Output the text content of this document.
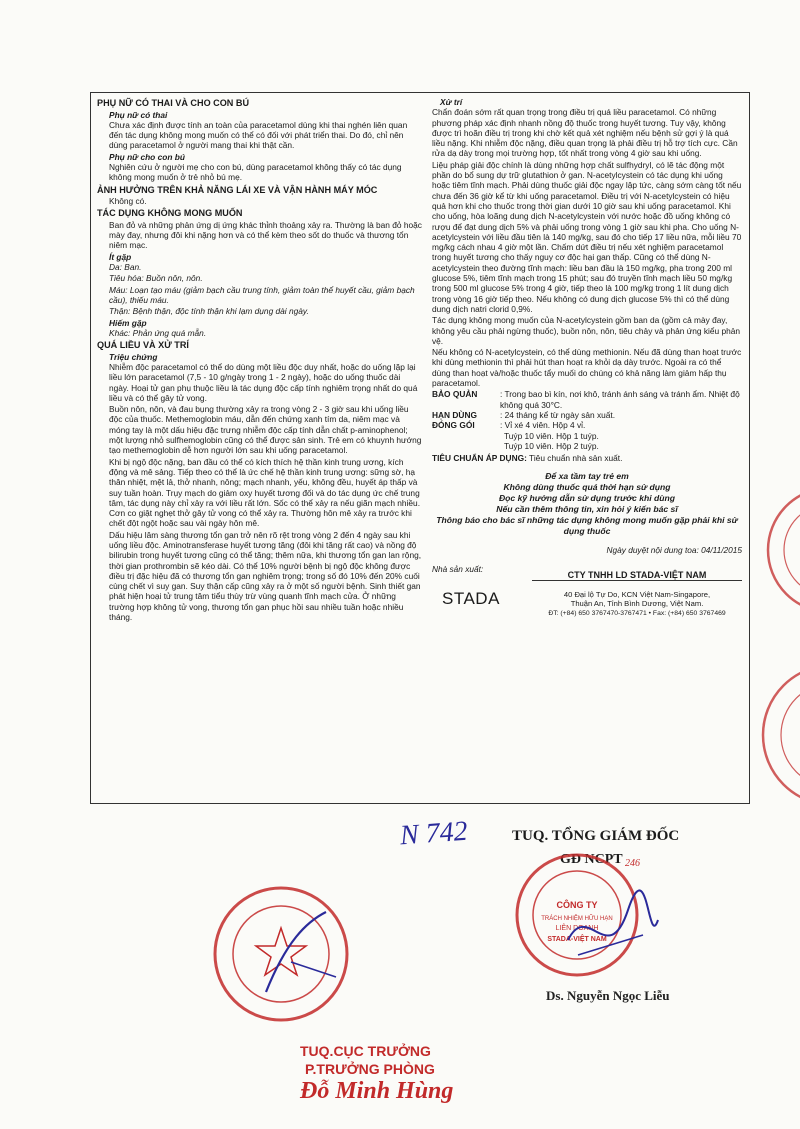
PHỤ NỮ CÓ THAI VÀ CHO CON BÚ
Phụ nữ có thai

Chưa xác định được tính an toàn của paracetamol dùng khi thai nghén liên quan đến tác dụng không mong muốn có thể có đối với phát triển thai. Do đó, chỉ nên dùng paracetamol ở người mang thai khi thật cần.

Phụ nữ cho con bú

Nghiên cứu ở người mẹ cho con bú, dùng paracetamol không thấy có tác dụng không mong muốn ở trẻ nhỏ bú mẹ.

ẢNH HƯỞNG TRÊN KHẢ NĂNG LÁI XE VÀ VẬN HÀNH MÁY MÓC

Không có.

TÁC DỤNG KHÔNG MONG MUỐN

Ban đỏ và những phản ứng dị ứng khác thỉnh thoảng xảy ra. Thường là ban đỏ hoặc mày đay, nhưng đôi khi nặng hơn và có thể kèm theo sốt do thuốc và thương tổn niêm mạc.

Ít gặp

Da: Ban.

Tiêu hóa: Buồn nôn, nôn.

Máu: Loạn tạo máu (giảm bạch cầu trung tính, giảm toàn thể huyết cầu, giảm bạch cầu), thiếu máu.

Thận: Bệnh thận, độc tính thận khi lạm dụng dài ngày.

Hiếm gặp

Khác: Phản ứng quá mẫn.

QUÁ LIỀU VÀ XỬ TRÍ
Triệu chứng

Nhiễm độc paracetamol có thể do dùng một liều độc duy nhất, hoặc do uống lặp lại liều lớn paracetamol (7,5 - 10 g/ngày trong 1 - 2 ngày), hoặc do uống thuốc dài ngày. Hoại tử gan phụ thuộc liều là tác dụng độc cấp tính nghiêm trọng nhất do quá liều và có thể gây tử vong.

Buồn nôn, nôn, và đau bụng thường xảy ra trong vòng 2 - 3 giờ sau khi uống liều độc của thuốc. Methemoglobin máu, dẫn đến chứng xanh tím da, niêm mạc và móng tay là một dấu hiệu đặc trưng nhiễm độc cấp tính dẫn chất p-aminophenol; một lượng nhỏ sulfhemoglobin cũng có thể được sản sinh. Trẻ em có khuynh hướng tạo methemoglobin dễ hơn người lớn sau khi uống paracetamol.

Khi bị ngộ độc nặng, ban đầu có thể có kích thích hệ thần kinh trung ương, kích động và mê sảng. Tiếp theo có thể là ức chế hệ thần kinh trung ương: sững sờ, hạ thân nhiệt, mệt lả, thở nhanh, nông; mạch nhanh, yếu, không đều, huyết áp thấp và suy tuần hoàn. Trụy mạch do giảm oxy huyết tương đối và do tác dụng ức chế trung tâm, tác dụng này chỉ xảy ra với liều rất lớn. Sốc có thể xảy ra nếu giãn mạch nhiều. Cơn co giật nghẹt thở gây tử vong có thể xảy ra. Thường hôn mê xảy ra trước khi chết đột ngột hoặc sau vài ngày hôn mê.

Dấu hiệu lâm sàng thương tổn gan trở nên rõ rệt trong vòng 2 đến 4 ngày sau khi uống liều độc. Aminotransferase huyết tương tăng (đôi khi tăng rất cao) và nồng độ bilirubin trong huyết tương cũng có thể tăng; thêm nữa, khi thương tổn gan lan rộng, thời gian prothrombin sẽ kéo dài. Có thể 10% người bệnh bị ngộ độc không được điều trị đặc hiệu đã có thương tổn gan nghiêm trọng; trong số đó 10% đến 20% cuối cùng chết vì suy gan. Suy thận cấp cũng xảy ra ở một số người bệnh. Sinh thiết gan phát hiện hoại tử trung tâm tiểu thùy trừ vùng quanh tĩnh mạch cửa. Ở những trường hợp không tử vong, thương tổn gan phục hồi sau nhiều tuần hoặc nhiều tháng.

Xử trí

Chẩn đoán sớm rất quan trọng trong điều trị quá liều paracetamol. Có những phương pháp xác định nhanh nồng độ thuốc trong huyết tương. Tuy vậy, không được trì hoãn điều trị trong khi chờ kết quả xét nghiệm nếu bệnh sử gợi ý là quá liều nặng. Khi nhiễm độc nặng, điều quan trọng là phải điều trị hỗ trợ tích cực. Cần rửa dạ dày trong mọi trường hợp, tốt nhất trong vòng 4 giờ sau khi uống.

Liệu pháp giải độc chính là dùng những hợp chất sulfhydryl, có lẽ tác động một phần do bổ sung dự trữ glutathion ở gan. N-acetylcystein có tác dụng khi uống hoặc tiêm tĩnh mạch. Phải dùng thuốc giải độc ngay lập tức, càng sớm càng tốt nếu chưa đến 36 giờ kể từ khi uống paracetamol. Điều trị với N-acetylcystein có hiệu quả hơn khi cho thuốc trong thời gian dưới 10 giờ sau khi uống paracetamol. Khi cho uống, hòa loãng dung dịch N-acetylcystein với nước hoặc đồ uống không có rượu để đạt dung dịch 5% và phải uống trong vòng 1 giờ sau khi pha. Cho uống N-acetylcystein với liều đầu tiên là 140 mg/kg, sau đó cho tiếp 17 liều nữa, mỗi liều 70 mg/kg cách nhau 4 giờ một lần. Chấm dứt điều trị nếu xét nghiệm paracetamol trong huyết tương cho thấy nguy cơ độc hại gan thấp. Cũng có thể dùng N-acetylcystein theo đường tĩnh mạch: liều ban đầu là 150 mg/kg, pha trong 200 ml glucose 5%, tiêm tĩnh mạch trong 15 phút; sau đó truyền tĩnh mạch liều 50 mg/kg trong 500 ml glucose 5% trong 4 giờ, tiếp theo là 100 mg/kg trong 1 lít dung dịch trong vòng 16 giờ tiếp theo. Nếu không có dung dịch glucose 5% thì có thể dùng dung dịch natri clorid 0,9%.

Tác dụng không mong muốn của N-acetylcystein gồm ban da (gồm cả mày đay, không yêu cầu phải ngừng thuốc), buồn nôn, nôn, tiêu chảy và phản ứng kiểu phản vệ.

Nếu không có N-acetylcystein, có thể dùng methionin. Nếu đã dùng than hoạt trước khi dùng methionin thì phải hút than hoạt ra khỏi dạ dày trước. Ngoài ra có thể dùng than hoạt và/hoặc thuốc tẩy muối do chúng có khả năng làm giảm hấp thụ paracetamol.

BẢO QUẢN	: Trong bao bì kín, nơi khô, tránh ánh sáng và tránh ẩm. Nhiệt độ không quá 30°C.
HẠN DÙNG	: 24 tháng kể từ ngày sản xuất.
ĐÓNG GÓI	: Vỉ xé 4 viên. Hộp 4 vỉ.
Tuýp 10 viên. Hộp 1 tuýp.
Tuýp 10 viên. Hộp 2 tuýp.
TIÊU CHUẨN ÁP DỤNG: Tiêu chuẩn nhà sản xuất.
Để xa tầm tay trẻ em
Không dùng thuốc quá thời hạn sử dụng
Đọc kỹ hướng dẫn sử dụng trước khi dùng
Nếu cần thêm thông tin, xin hỏi ý kiến bác sĩ
Thông báo cho bác sĩ những tác dụng không mong muốn gặp phải khi sử dụng thuốc
Ngày duyệt nội dung toa: 04/11/2015
Nhà sản xuất:
STADA
CTY TNHH LD STADA-VIỆT NAM
40 Đại lộ Tự Do, KCN Việt Nam-Singapore,
Thuận An, Tỉnh Bình Dương, Việt Nam.
ĐT: (+84) 650 3767470-3767471 • Fax: (+84) 650 3767469
N 742	TUQ. TỔNG GIÁM ĐỐC
GĐ NCPT 246
CÔNG TY
TRÁCH NHIỆM HỮU HẠN
LIÊN DOANH
STADA-VIỆT NAM
Ds. Nguyễn Ngọc Liễu
TUQ.CỤC TRƯỞNG
P.TRƯỞNG PHÒNG
Đỗ Minh Hùng
